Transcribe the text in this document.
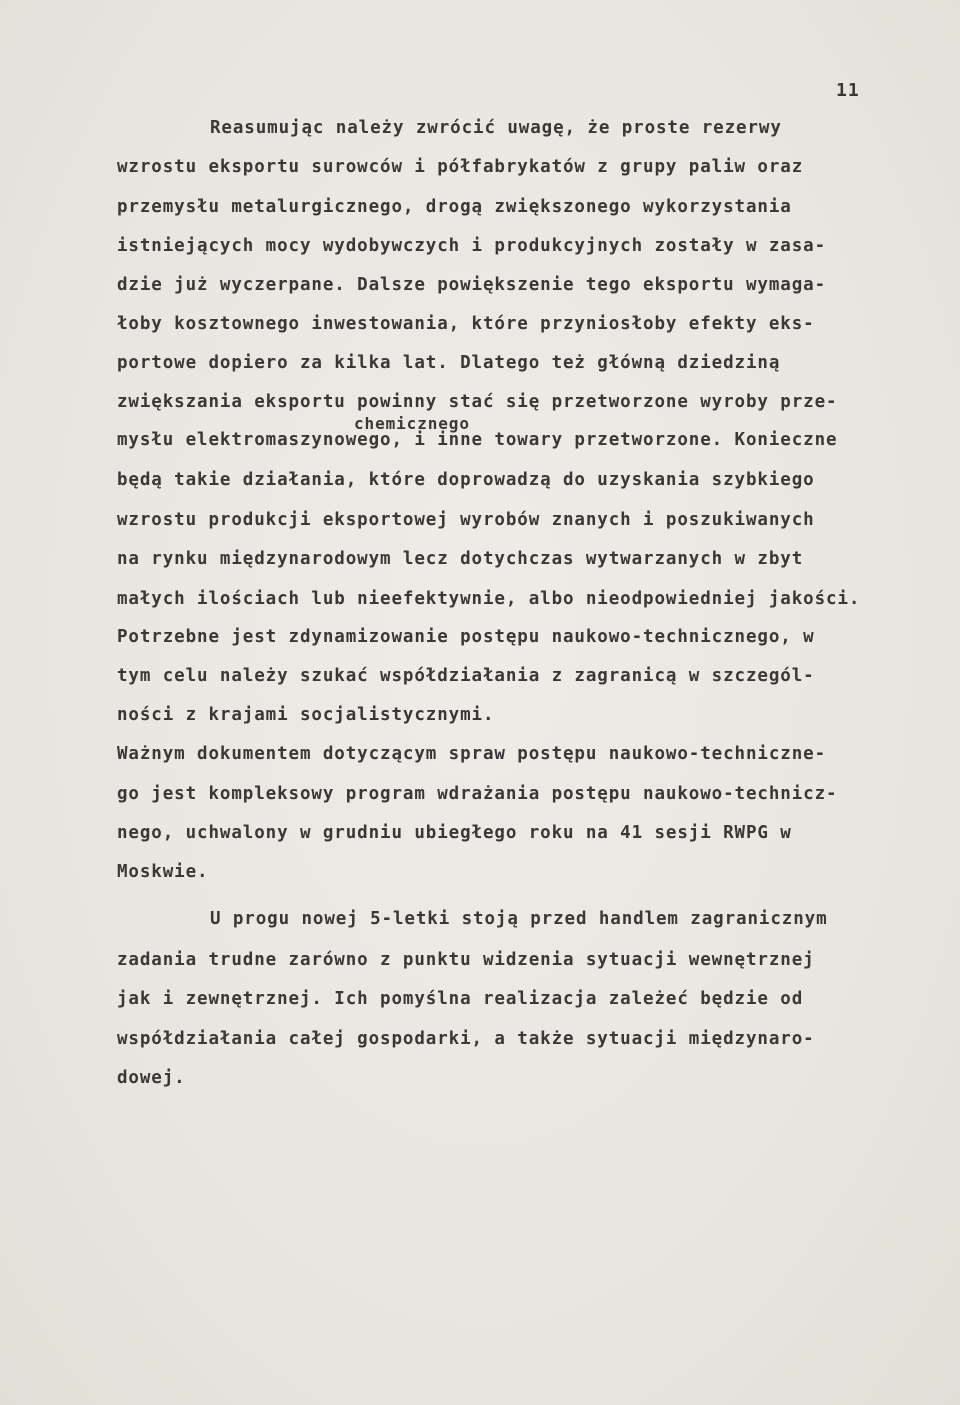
11
Reasumując należy zwrócić uwagę, że proste rezerwy
wzrostu eksportu surowców i półfabrykatów z grupy paliw oraz
przemysłu metalurgicznego, drogą zwiększonego wykorzystania
istniejących mocy wydobywczych i produkcyjnych zostały w zasa-
dzie już wyczerpane. Dalsze powiększenie tego eksportu wymaga-
łoby kosztownego inwestowania, które przyniosłoby efekty eks-
portowe dopiero za kilka lat. Dlatego też główną dziedziną
zwiększania eksportu powinny stać się przetworzone wyroby prze-
chemicznego
mysłu elektromaszynowego, i inne towary przetworzone. Konieczne
będą takie działania, które doprowadzą do uzyskania szybkiego
wzrostu produkcji eksportowej wyrobów znanych i poszukiwanych
na rynku międzynarodowym lecz dotychczas wytwarzanych w zbyt
małych ilościach lub nieefektywnie, albo nieodpowiedniej jakości.
Potrzebne jest zdynamizowanie postępu naukowo-technicznego, w
tym celu należy szukać współdziałania z zagranicą w szczegól-
ności z krajami socjalistycznymi.
Ważnym dokumentem dotyczącym spraw postępu naukowo-techniczne-
go jest kompleksowy program wdrażania postępu naukowo-technicz-
nego, uchwalony w grudniu ubiegłego roku na 41 sesji RWPG w
Moskwie.
U progu nowej 5-letki stoją przed handlem zagranicznym
zadania trudne zarówno z punktu widzenia sytuacji wewnętrznej
jak i zewnętrznej. Ich pomyślna realizacja zależeć będzie od
współdziałania całej gospodarki, a także sytuacji międzynaro-
dowej.
